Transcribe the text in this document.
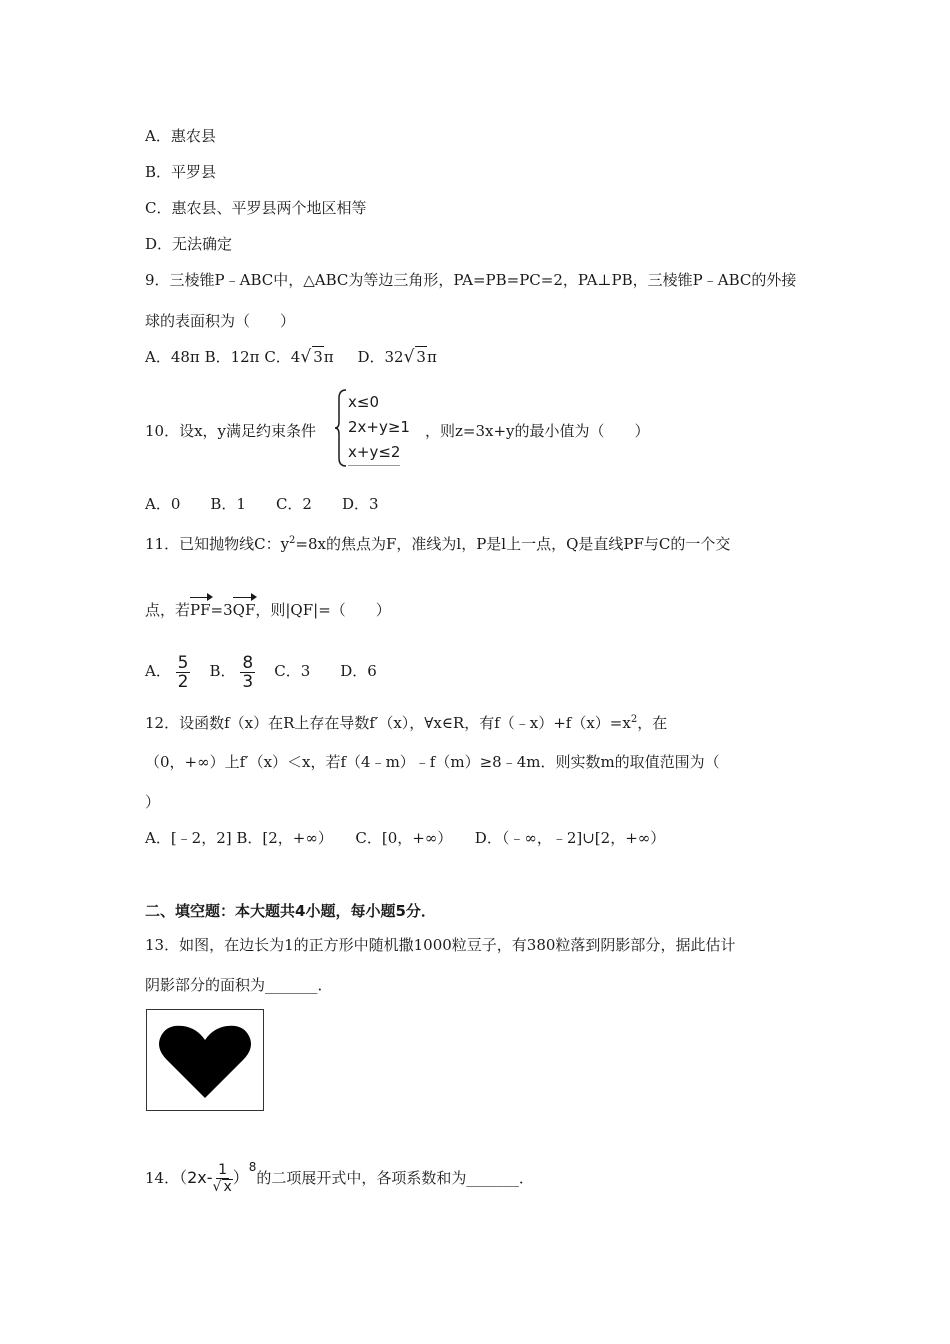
A．惠农县
B．平罗县
C．惠农县、平罗县两个地区相等
D．无法确定
9．三棱锥P﹣ABC中，△ABC为等边三角形，PA=PB=PC=2，PA⊥PB，三棱锥P﹣ABC的外接
球的表面积为（　　）
A．48π B．12π C．4√ 3π D．32√ 3π
10．设x，y满足约束条件
x≤0
2x+y≥1
x+y≤2
，则z=3x+y的最小值为（　　）
A．0　　B．1　　C．2　　D．3
11．已知抛物线C：$y^2=8x$的焦点为F，准线为l，P是l上一点，Q是直线PF与C的一个交
点，若PF=3QF，则|QF|=（　　）
A． $\frac{5}{2}$ B． $\frac{8}{3}$ C．3　　D．6
12．设函数f（x）在R上存在导数f′（x），∀x∈R，有$f(﹣x)+f(x)=x^2$，在
（0，+∞）上f′（x）＜x，若f（4﹣m）﹣f（m）≥8﹣4m．则实数m的取值范围为（
）
A．[﹣2，2] B．[2，+∞）　　C．[0，+∞）　　D．（﹣∞，﹣2]∪[2，+∞）
二、填空题：本大题共4小题，每小题5分．
13．如图，在边长为1的正方形中随机撒1000粒豆子，有380粒落到阴影部分，据此估计
阴影部分的面积为_______．
14．$(2x- \frac{1}{√ x} )^8$的二项展开式中，各项系数和为_______．
